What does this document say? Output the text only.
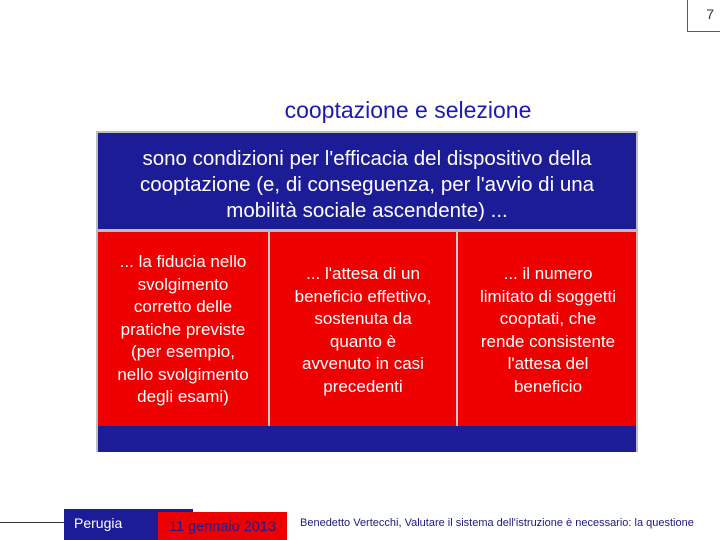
7
cooptazione e selezione
sono condizioni per l'efficacia del dispositivo della cooptazione (e, di conseguenza, per l'avvio di una mobilità sociale ascendente) ...
... la fiducia nello
svolgimento
corretto delle
pratiche previste
(per esempio,
nello svolgimento
degli esami)
... l'attesa di un
beneficio effettivo,
sostenuta da
quanto è
avvenuto in casi
precedenti
... il numero
limitato di soggetti
cooptati, che
rende consistente
l'attesa del
beneficio
Perugia	11 gennaio 2013	Benedetto Vertecchi, Valutare il sistema dell'istruzione è necessario: la questione
